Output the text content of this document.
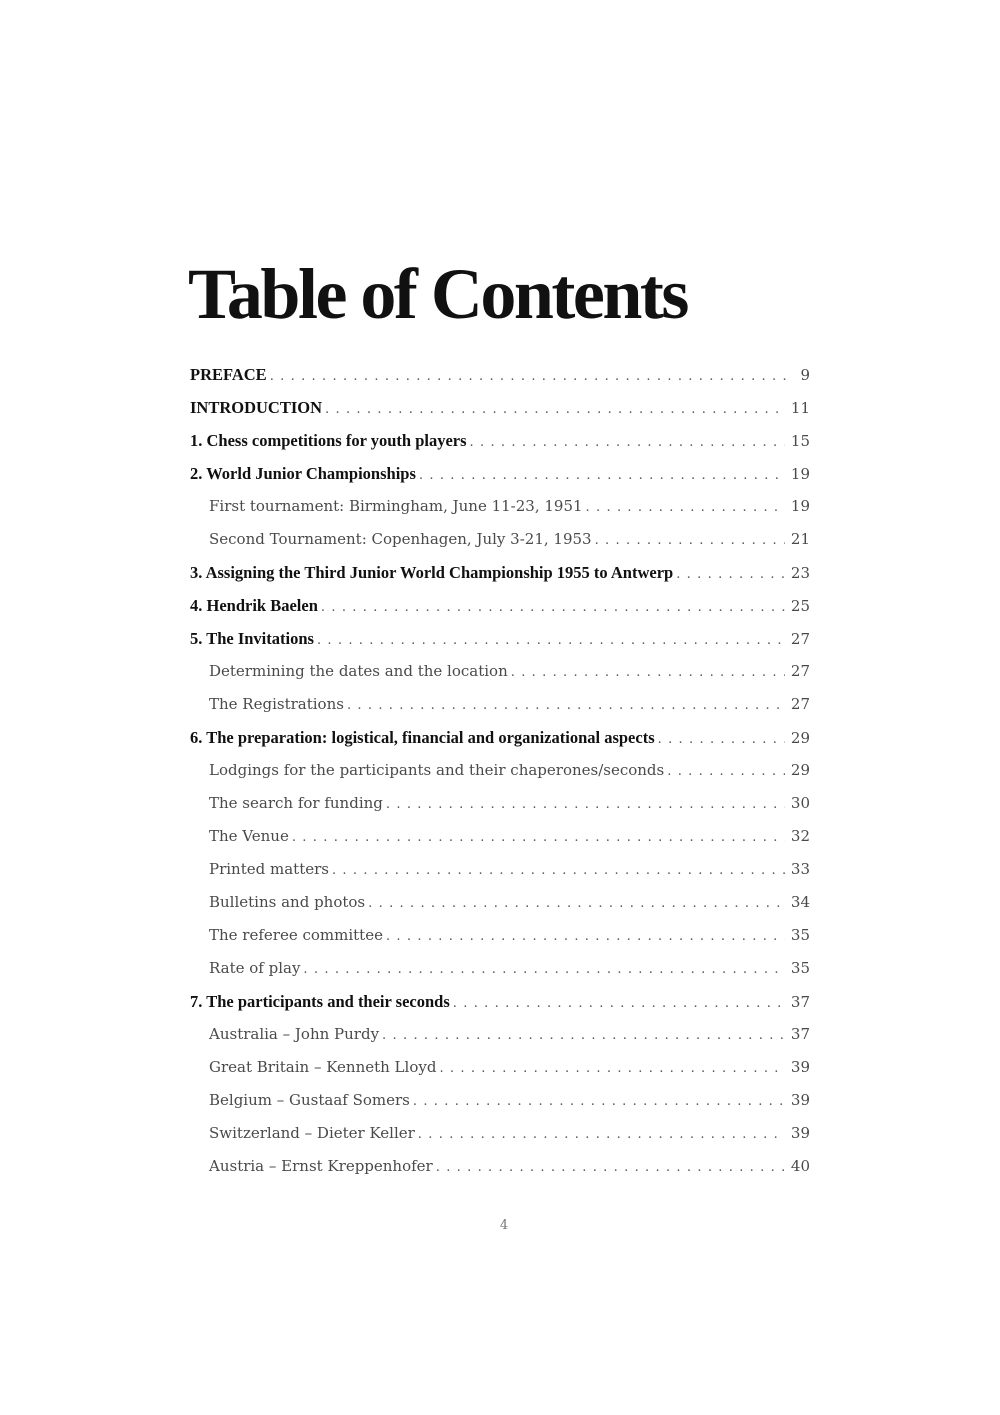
Table of Contents
PREFACE . . .	9
INTRODUCTION . . .	11
1. Chess competitions for youth players . . .	15
2. World Junior Championships . . .	19
First tournament: Birmingham, June 11-23, 1951 . . .	19
Second Tournament: Copenhagen, July 3-21, 1953 . . .	21
3. Assigning the Third Junior World Championship 1955 to Antwerp . . .	23
4. Hendrik Baelen . . .	25
5. The Invitations . . .	27
Determining the dates and the location . . .	27
The Registrations . . .	27
6. The preparation: logistical, financial and organizational aspects . . .	29
Lodgings for the participants and their chaperones/seconds . . .	29
The search for funding . . .	30
The Venue . . .	32
Printed matters . . .	33
Bulletins and photos . . .	34
The referee committee . . .	35
Rate of play . . .	35
7. The participants and their seconds . . .	37
Australia – John Purdy . . .	37
Great Britain – Kenneth Lloyd . . .	39
Belgium – Gustaaf Somers . . .	39
Switzerland – Dieter Keller . . .	39
Austria – Ernst Kreppenhofer . . .	40
4
